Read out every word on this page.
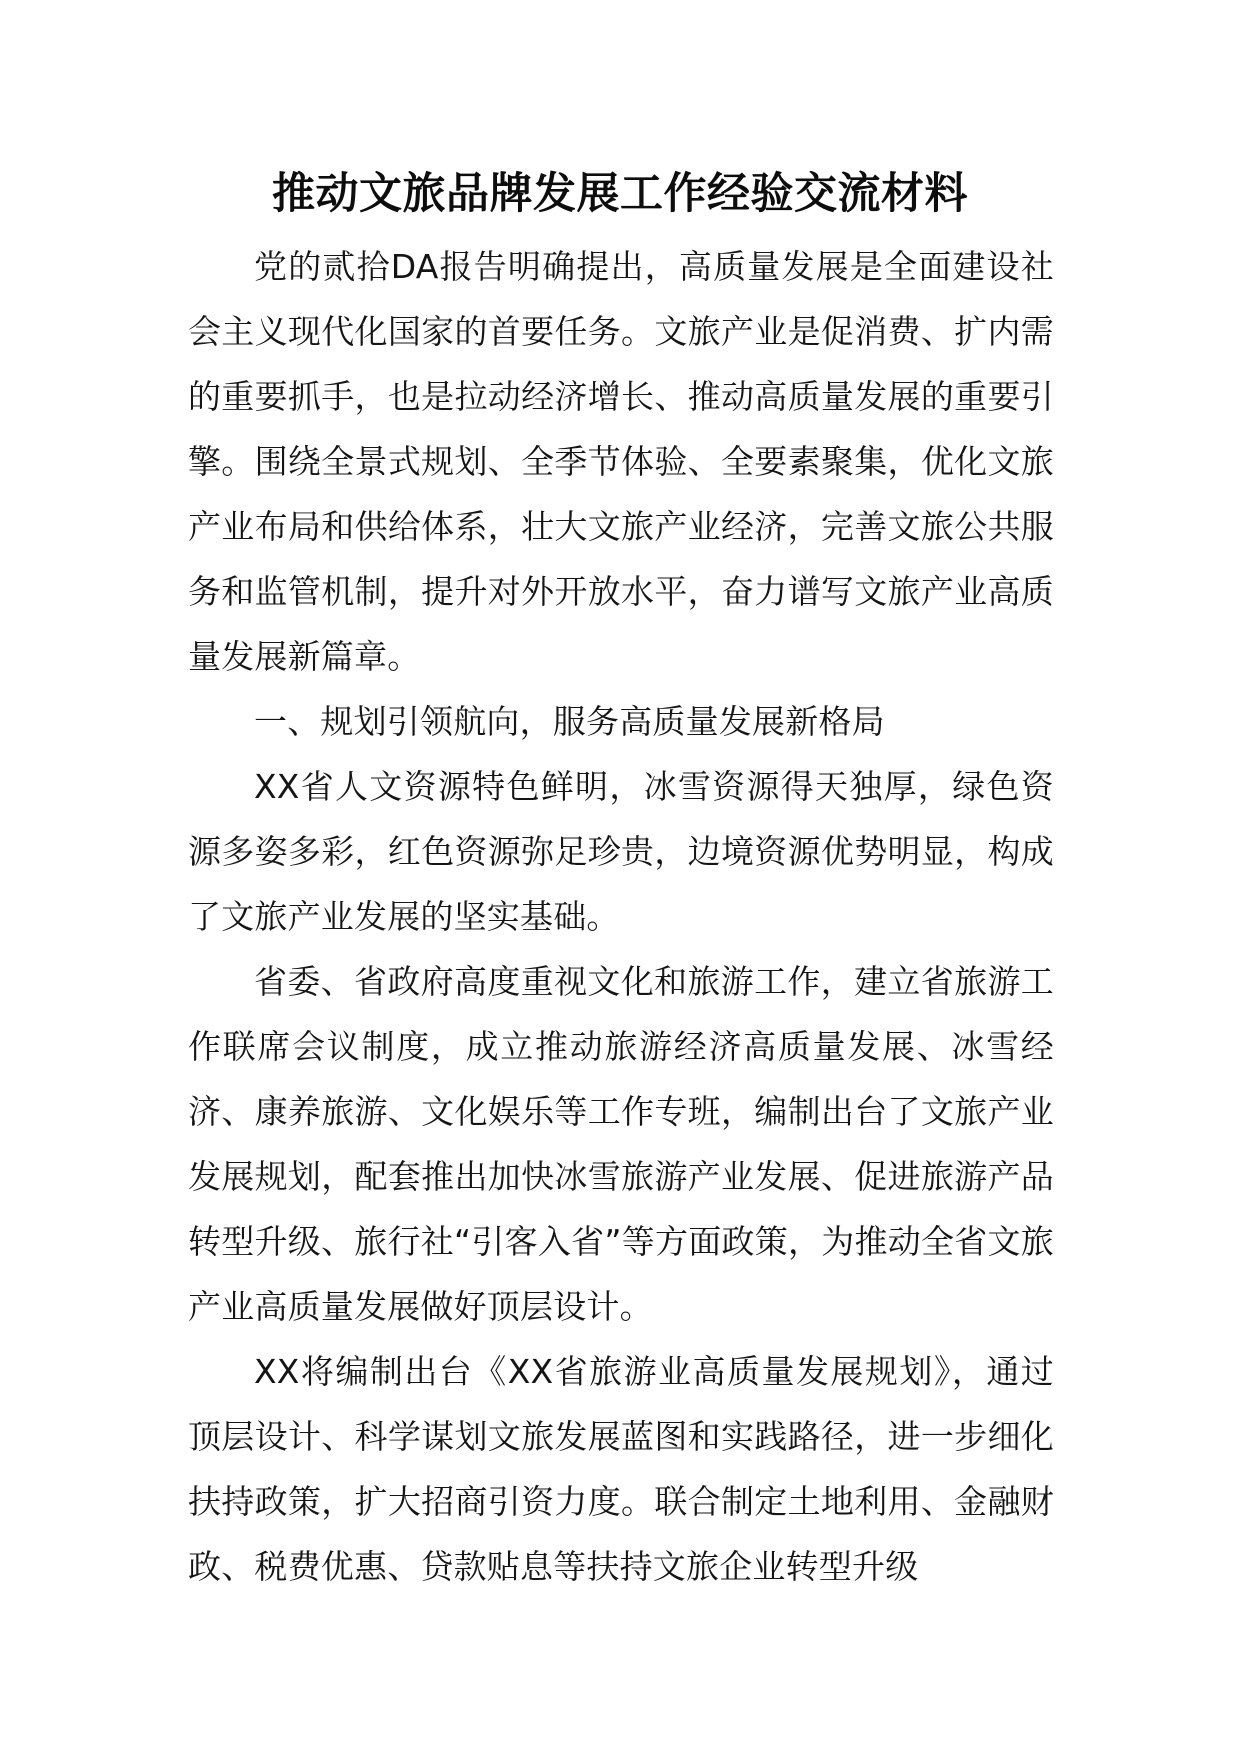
推动文旅品牌发展工作经验交流材料

党的贰拾DA报告明确提出，高质量发展是全面建设社会主义现代化国家的首要任务。文旅产业是促消费、扩内需的重要抓手，也是拉动经济增长、推动高质量发展的重要引擎。围绕全景式规划、全季节体验、全要素聚集，优化文旅产业布局和供给体系，壮大文旅产业经济，完善文旅公共服务和监管机制，提升对外开放水平，奋力谱写文旅产业高质量发展新篇章。

一、规划引领航向，服务高质量发展新格局

XX省人文资源特色鲜明，冰雪资源得天独厚，绿色资源多姿多彩，红色资源弥足珍贵，边境资源优势明显，构成了文旅产业发展的坚实基础。

省委、省政府高度重视文化和旅游工作，建立省旅游工作联席会议制度，成立推动旅游经济高质量发展、冰雪经济、康养旅游、文化娱乐等工作专班，编制出台了文旅产业发展规划，配套推出加快冰雪旅游产业发展、促进旅游产品转型升级、旅行社“引客入省”等方面政策，为推动全省文旅产业高质量发展做好顶层设计。

XX将编制出台《XX省旅游业高质量发展规划》，通过顶层设计、科学谋划文旅发展蓝图和实践路径，进一步细化扶持政策，扩大招商引资力度。联合制定土地利用、金融财政、税费优惠、贷款贴息等扶持文旅企业转型升级
